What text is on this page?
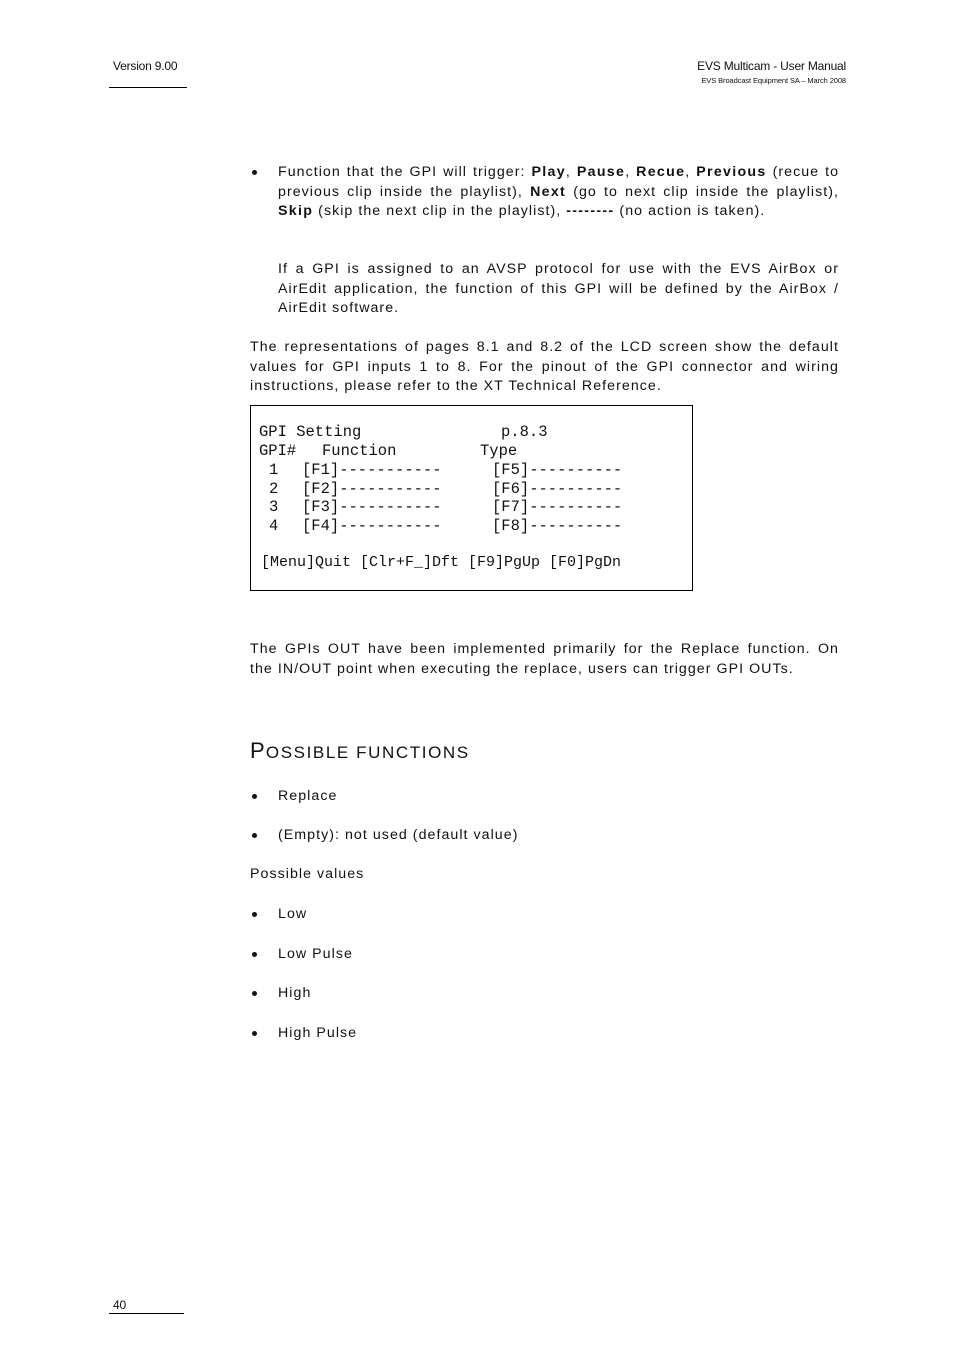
Version 9.00	EVS Multicam - User Manual
EVS Broadcast Equipment SA – March 2008
Function that the GPI will trigger: Play, Pause, Recue, Previous (recue to previous clip inside the playlist), Next (go to next clip inside the playlist), Skip (skip the next clip in the playlist), -------- (no action is taken).
If a GPI is assigned to an AVSP protocol for use with the EVS AirBox or AirEdit application, the function of this GPI will be defined by the AirBox / AirEdit software.
The representations of pages 8.1 and 8.2 of the LCD screen show the default values for GPI inputs 1 to 8. For the pinout of the GPI connector and wiring instructions, please refer to the XT Technical Reference.
GPI Setting	p.8.3
GPI# Function	Type
1 [F1]-----------	[F5]----------
2 [F2]-----------	[F6]----------
3 [F3]-----------	[F7]----------
4 [F4]-----------	[F8]----------
[Menu]Quit [Clr+F_]Dft [F9]PgUp [F0]PgDn
The GPIs OUT have been implemented primarily for the Replace function. On the IN/OUT point when executing the replace, users can trigger GPI OUTs.
POSSIBLE FUNCTIONS
Replace
(Empty): not used (default value)
Possible values
Low
Low Pulse
High
High Pulse
40
